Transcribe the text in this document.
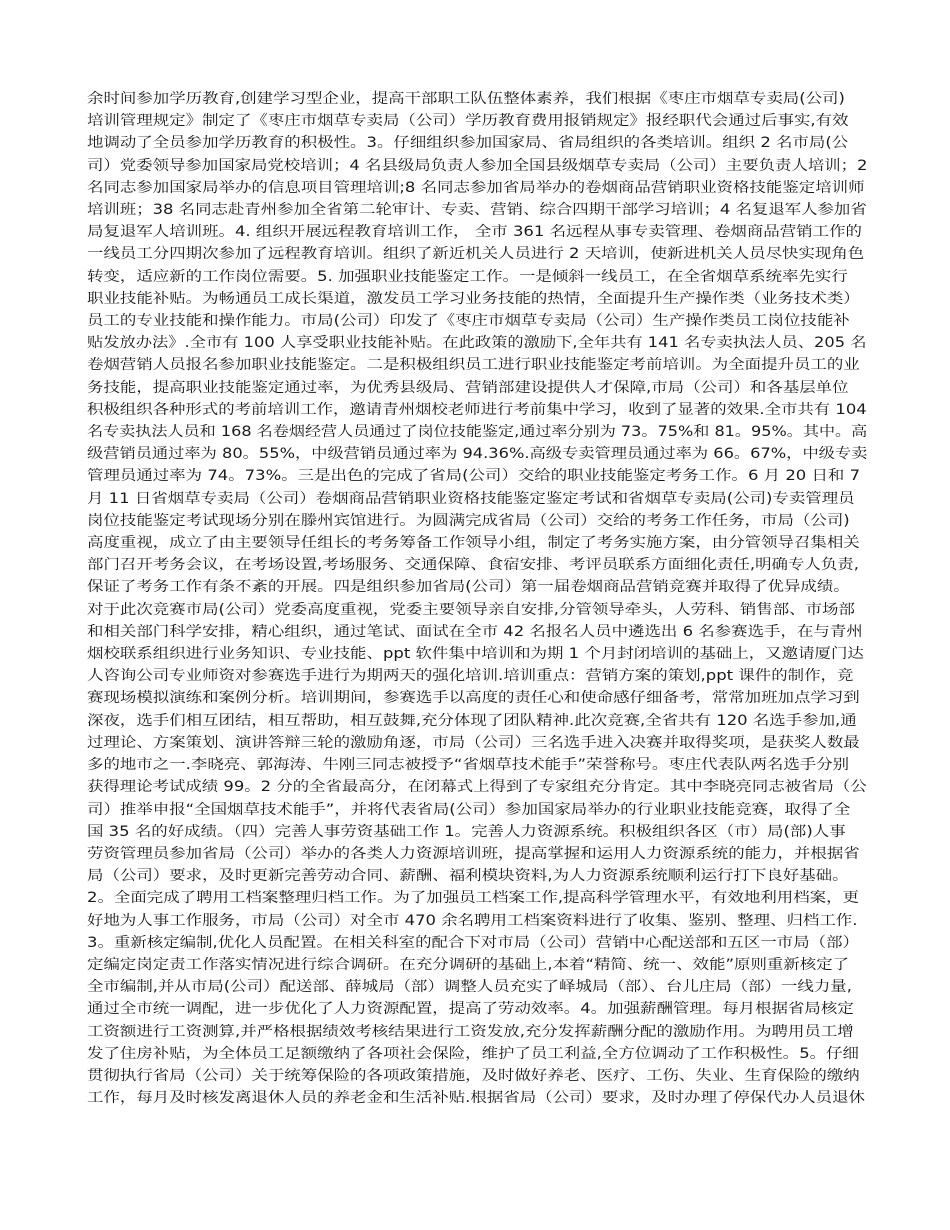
余时间参加学历教育,创建学习型企业，提高干部职工队伍整体素养，我们根据《枣庄市烟草专卖局(公司)
培训管理规定》制定了《枣庄市烟草专卖局（公司）学历教育费用报销规定》报经职代会通过后事实,有效
地调动了全员参加学历教育的积极性。3。仔细组织参加国家局、省局组织的各类培训。组织 2 名市局(公
司）党委领导参加国家局党校培训；4 名县级局负责人参加全国县级烟草专卖局（公司）主要负责人培训；2
名同志参加国家局举办的信息项目管理培训;8 名同志参加省局举办的卷烟商品营销职业资格技能鉴定培训师
培训班；38 名同志赴青州参加全省第二轮审计、专卖、营销、综合四期干部学习培训；4 名复退军人参加省
局复退军人培训班。4. 组织开展远程教育培训工作， 全市 361 名远程从事专卖管理、卷烟商品营销工作的
一线员工分四期次参加了远程教育培训。组织了新近机关人员进行 2 天培训，使新进机关人员尽快实现角色
转变，适应新的工作岗位需要。5. 加强职业技能鉴定工作。一是倾斜一线员工，在全省烟草系统率先实行
职业技能补贴。为畅通员工成长渠道，激发员工学习业务技能的热情，全面提升生产操作类（业务技术类）
员工的专业技能和操作能力。市局(公司）印发了《枣庄市烟草专卖局（公司）生产操作类员工岗位技能补
贴发放办法》.全市有 100 人享受职业技能补贴。在此政策的激励下,全年共有 141 名专卖执法人员、205 名
卷烟营销人员报名参加职业技能鉴定。二是积极组织员工进行职业技能鉴定考前培训。为全面提升员工的业
务技能，提高职业技能鉴定通过率，为优秀县级局、营销部建设提供人才保障,市局（公司）和各基层单位
积极组织各种形式的考前培训工作，邀请青州烟校老师进行考前集中学习，收到了显著的效果.全市共有 104
名专卖执法人员和 168 名卷烟经营人员通过了岗位技能鉴定,通过率分别为 73。75%和 81。95%。其中。高
级营销员通过率为 80。55%，中级营销员通过率为 94.36%.高级专卖管理员通过率为 66。67%，中级专卖
管理员通过率为 74。73%。三是出色的完成了省局(公司）交给的职业技能鉴定考务工作。6 月 20 日和 7
月 11 日省烟草专卖局（公司）卷烟商品营销职业资格技能鉴定鉴定考试和省烟草专卖局(公司)专卖管理员
岗位技能鉴定考试现场分别在滕州宾馆进行。为圆满完成省局（公司）交给的考务工作任务，市局（公司)
高度重视，成立了由主要领导任组长的考务筹备工作领导小组，制定了考务实施方案，由分管领导召集相关
部门召开考务会议，在考场设置,考场服务、交通保障、食宿安排、考评员联系方面细化责任,明确专人负责,
保证了考务工作有条不紊的开展。四是组织参加省局(公司）第一届卷烟商品营销竞赛并取得了优异成绩。
对于此次竞赛市局(公司）党委高度重视，党委主要领导亲自安排,分管领导牵头，人劳科、销售部、市场部
和相关部门科学安排，精心组织，通过笔试、面试在全市 42 名报名人员中遴选出 6 名参赛选手，在与青州
烟校联系组织进行业务知识、专业技能、ppt 软件集中培训和为期 1 个月封闭培训的基础上，又邀请厦门达
人咨询公司专业师资对参赛选手进行为期两天的强化培训.培训重点：营销方案的策划,ppt 课件的制作，竞
赛现场模拟演练和案例分析。培训期间，参赛选手以高度的责任心和使命感仔细备考，常常加班加点学习到
深夜，选手们相互团结，相互帮助，相互鼓舞,充分体现了团队精神.此次竞赛,全省共有 120 名选手参加,通
过理论、方案策划、演讲答辩三轮的激励角逐，市局（公司）三名选手进入决赛并取得奖项，是获奖人数最
多的地市之一.李晓亮、郭海涛、牛刚三同志被授予“省烟草技术能手”荣誉称号。枣庄代表队两名选手分别
获得理论考试成绩 99。2 分的全省最高分，在闭幕式上得到了专家组充分肯定。其中李晓亮同志被省局（公
司）推举申报“全国烟草技术能手”，并将代表省局(公司）参加国家局举办的行业职业技能竞赛，取得了全
国 35 名的好成绩。（四）完善人事劳资基础工作 1。完善人力资源系统。积极组织各区（市）局(部)人事
劳资管理员参加省局（公司）举办的各类人力资源培训班，提高掌握和运用人力资源系统的能力，并根据省
局（公司）要求，及时更新完善劳动合同、薪酬、福利模块资料,为人力资源系统顺利运行打下良好基础。
2。全面完成了聘用工档案整理归档工作。为了加强员工档案工作,提高科学管理水平，有效地利用档案，更
好地为人事工作服务，市局（公司）对全市 470 余名聘用工档案资料进行了收集、鉴别、整理、归档工作.
3。重新核定编制,优化人员配置。在相关科室的配合下对市局（公司）营销中心配送部和五区一市局（部）
定编定岗定责工作落实情况进行综合调研。在充分调研的基础上,本着“精简、统一、效能”原则重新核定了
全市编制,并从市局(公司）配送部、薛城局（部）调整人员充实了峄城局（部）、台儿庄局（部）一线力量,
通过全市统一调配，进一步优化了人力资源配置，提高了劳动效率。4。加强薪酬管理。每月根据省局核定
工资额进行工资测算,并严格根据绩效考核结果进行工资发放,充分发挥薪酬分配的激励作用。为聘用员工增
发了住房补贴，为全体员工足额缴纳了各项社会保险，维护了员工利益,全方位调动了工作积极性。5。仔细
贯彻执行省局（公司）关于统筹保险的各项政策措施，及时做好养老、医疗、工伤、失业、生育保险的缴纳
工作，每月及时核发离退休人员的养老金和生活补贴.根据省局（公司）要求，及时办理了停保代办人员退休
